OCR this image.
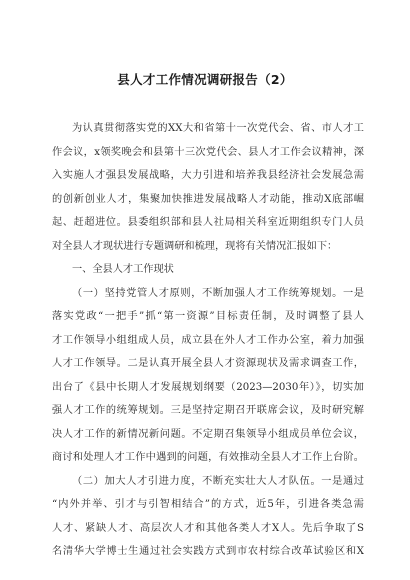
县人才工作情况调研报告（2）
为认真贯彻落实党的XX大和省第十一次党代会、省、市人才工
作会议，x领奖晚会和县第十三次党代会、县人才工作会议精神，深
入实施人才强县发展战略，大力引进和培养我县经济社会发展急需
的创新创业人才，集聚加快推进发展战略人才动能，推动X底部崛
起、赶超进位。县委组织部和县人社局相关科室近期组织专门人员
对全县人才现状进行专题调研和梳理，现将有关情况汇报如下：
一、全县人才工作现状
（一）坚持党管人才原则，不断加强人才工作统筹规划。一是
落实党政“一把手”抓“第一资源”目标责任制，及时调整了县人
才工作领导小组组成人员，成立县在外人才工作办公室，着力加强
人才工作领导。二是认真开展全县人才资源现状及需求调查工作，
出台了《县中长期人才发展规划纲要（2023—2030年）》，切实加
强人才工作的统筹规划。三是坚持定期召开联席会议，及时研究解
决人才工作的新情况新问题。不定期召集领导小组成员单位会议，
商讨和处理人才工作中遇到的问题，有效推动全县人才工作上台阶。
（二）加大人才引进力度，不断充实壮大人才队伍。一是通过
“内外并举、引才与引智相结合”的方式，近5年，引进各类急需
人才、紧缺人才、高层次人才和其他各类人才X人。先后争取了S
名清华大学博士生通过社会实践方式到市农村综合改革试验区和X
